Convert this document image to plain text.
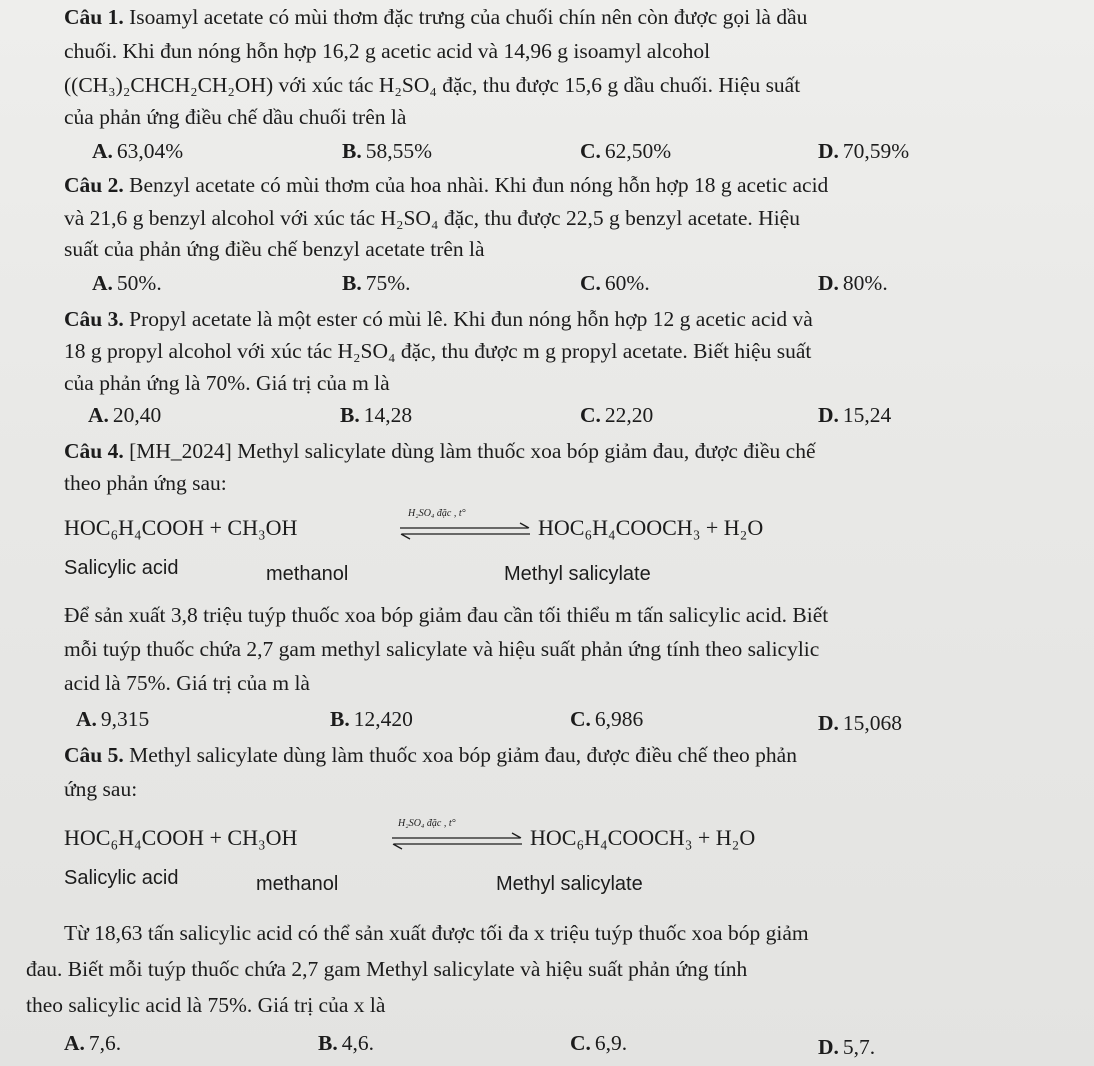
Câu 1. Isoamyl acetate có mùi thơm đặc trưng của chuối chín nên còn được gọi là dầu
chuối. Khi đun nóng hỗn hợp 16,2 g acetic acid và 14,96 g isoamyl alcohol
((CH₃)₂CHCH₂CH₂OH) với xúc tác H₂SO₄ đặc, thu được 15,6 g dầu chuối. Hiệu suất
của phản ứng điều chế dầu chuối trên là
A. 63,04%	B. 58,55%	C. 62,50%	D. 70,59%
Câu 2. Benzyl acetate có mùi thơm của hoa nhài. Khi đun nóng hỗn hợp 18 g acetic acid
và 21,6 g benzyl alcohol với xúc tác H₂SO₄ đặc, thu được 22,5 g benzyl acetate. Hiệu
suất của phản ứng điều chế benzyl acetate trên là
A. 50%.	B. 75%.	C. 60%.	D. 80%.
Câu 3. Propyl acetate là một ester có mùi lê. Khi đun nóng hỗn hợp 12 g acetic acid và
18 g propyl alcohol với xúc tác H₂SO₄ đặc, thu được m g propyl acetate. Biết hiệu suất
của phản ứng là 70%. Giá trị của m là
A. 20,40	B. 14,28	C. 22,20	D. 15,24
Câu 4. [MH_2024] Methyl salicylate dùng làm thuốc xoa bóp giảm đau, được điều chế
theo phản ứng sau:
HOC₆H₄COOH + CH₃OH
H₂SO₄ đặc , t°
HOC₆H₄COOCH₃ + H₂O
Salicylic acid	methanol	Methyl salicylate
Để sản xuất 3,8 triệu tuýp thuốc xoa bóp giảm đau cần tối thiểu m tấn salicylic acid. Biết
mỗi tuýp thuốc chứa 2,7 gam methyl salicylate và hiệu suất phản ứng tính theo salicylic
acid là 75%. Giá trị của m là
A. 9,315	B. 12,420	C. 6,986	D. 15,068
Câu 5. Methyl salicylate dùng làm thuốc xoa bóp giảm đau, được điều chế theo phản
ứng sau:
HOC₆H₄COOH + CH₃OH
H₂SO₄ đặc , t°
HOC₆H₄COOCH₃ + H₂O
Salicylic acid	methanol	Methyl salicylate
Từ 18,63 tấn salicylic acid có thể sản xuất được tối đa x triệu tuýp thuốc xoa bóp giảm
đau. Biết mỗi tuýp thuốc chứa 2,7 gam Methyl salicylate và hiệu suất phản ứng tính
theo salicylic acid là 75%. Giá trị của x là
A. 7,6.	B. 4,6.	C. 6,9.	D. 5,7.
